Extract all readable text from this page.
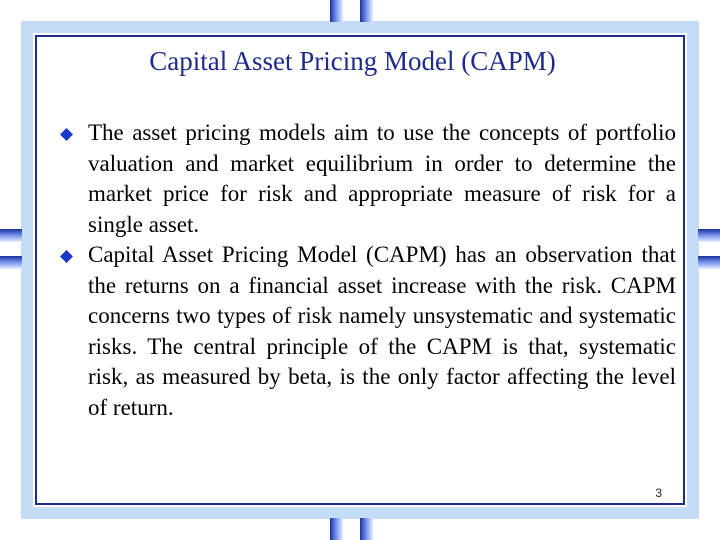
Capital Asset Pricing Model (CAPM)
The asset pricing models aim to use the concepts of portfolio valuation and market equilibrium in order to determine the market price for risk and appropriate measure of risk for a single asset.
Capital Asset Pricing Model (CAPM) has an observation that the returns on a financial asset increase with the risk. CAPM concerns two types of risk namely unsystematic and systematic risks. The central principle of the CAPM is that, systematic risk, as measured by beta, is the only factor affecting the level of return.
3
